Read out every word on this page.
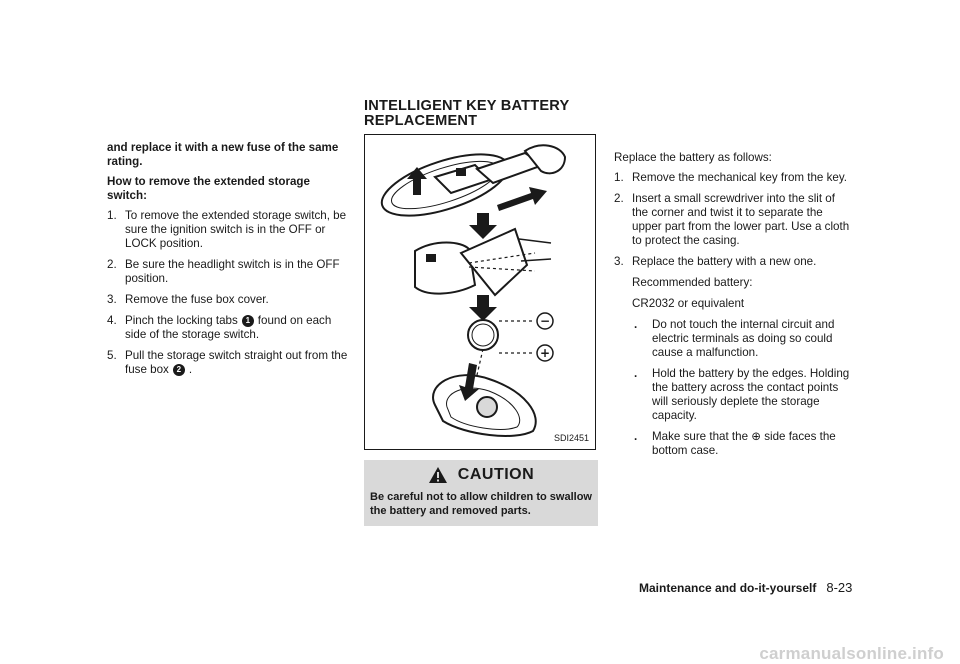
INTELLIGENT KEY BATTERY
REPLACEMENT
and replace it with a new fuse of the same rating.
How to remove the extended storage switch:
1. To remove the extended storage switch, be sure the ignition switch is in the OFF or LOCK position.
2. Be sure the headlight switch is in the OFF position.
3. Remove the fuse box cover.
4. Pinch the locking tabs 1 found on each side of the storage switch.
5. Pull the storage switch straight out from the fuse box 2 .
−
+
SDI2451
CAUTION
Be careful not to allow children to swallow the battery and removed parts.
Replace the battery as follows:
1. Remove the mechanical key from the key.
2. Insert a small screwdriver into the slit of the corner and twist it to separate the upper part from the lower part. Use a cloth to protect the casing.
3. Replace the battery with a new one.
Recommended battery:
CR2032 or equivalent
. Do not touch the internal circuit and electric terminals as doing so could cause a malfunction.
. Hold the battery by the edges. Holding the battery across the contact points will seriously deplete the storage capacity.
. Make sure that the ⊕ side faces the bottom case.
Maintenance and do-it-yourself 8-23
carmanualsonline.info
